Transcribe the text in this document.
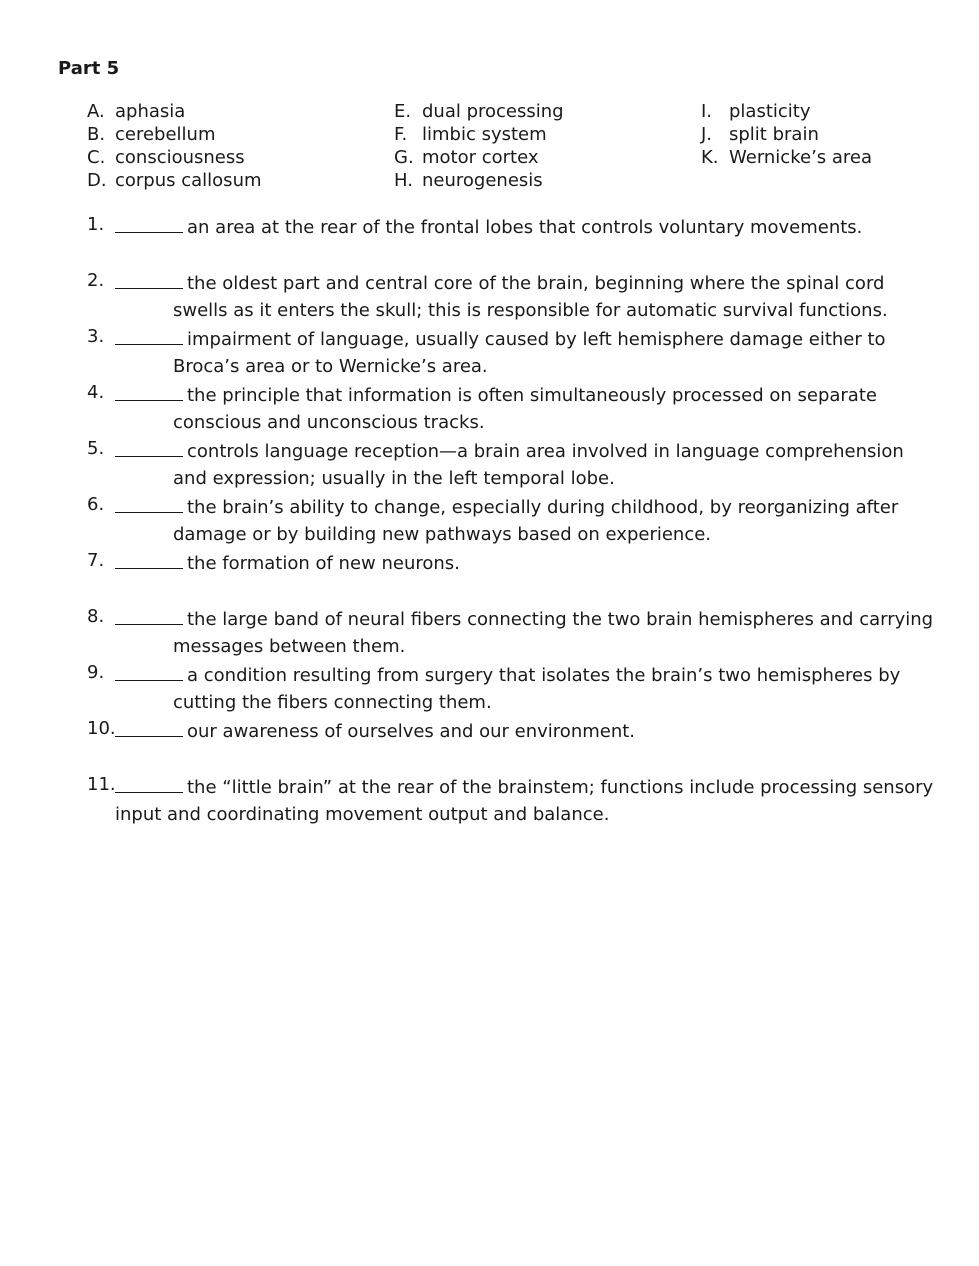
Part 5
A. aphasia
B. cerebellum
C. consciousness
D. corpus callosum
E. dual processing
F. limbic system
G. motor cortex
H. neurogenesis
I. plasticity
J. split brain
K. Wernicke’s area
1.	an area at the rear of the frontal lobes that controls voluntary movements.
2.	the oldest part and central core of the brain, beginning where the spinal cord
swells as it enters the skull; this is responsible for automatic survival functions.
3.	impairment of language, usually caused by left hemisphere damage either to
Broca’s area or to Wernicke’s area.
4.	the principle that information is often simultaneously processed on separate
conscious and unconscious tracks.
5.	controls language reception—a brain area involved in language comprehension
and expression; usually in the left temporal lobe.
6.	the brain’s ability to change, especially during childhood, by reorganizing after
damage or by building new pathways based on experience.
7.	the formation of new neurons.
8.	the large band of neural fibers connecting the two brain hemispheres and carrying
messages between them.
9.	a condition resulting from surgery that isolates the brain’s two hemispheres by
cutting the fibers connecting them.
10.	our awareness of ourselves and our environment.
11.	the “little brain” at the rear of the brainstem; functions include processing sensory
input and coordinating movement output and balance.
